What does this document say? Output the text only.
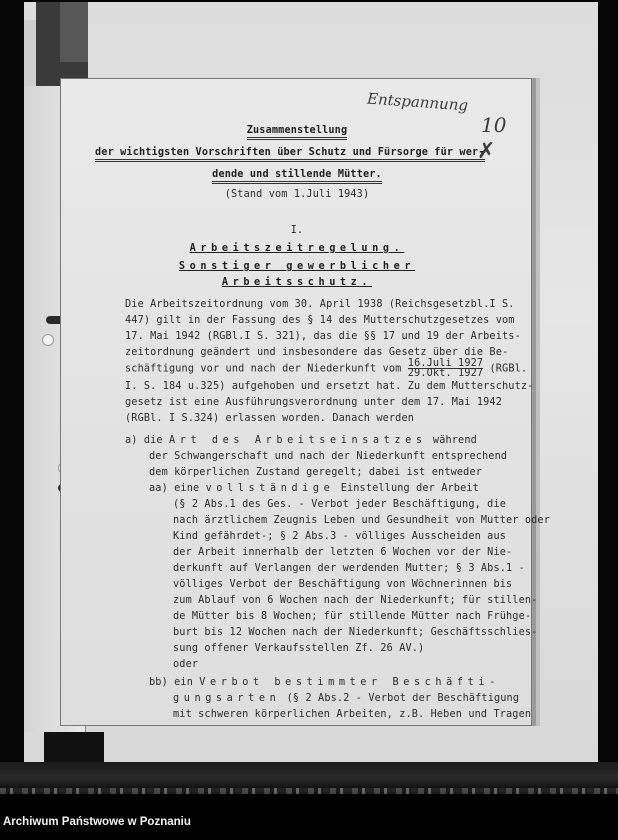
Entspannung
10
✗
Zusammenstellung
der wichtigsten Vorschriften über Schutz und Fürsorge für wer-
dende und stillende Mütter.
(Stand vom 1.Juli 1943)
I.
Arbeitszeitregelung.
Sonstiger gewerblicher
Arbeitsschutz.
Die Arbeitszeitordnung vom 30. April 1938 (Reichsgesetzbl.I S.
447) gilt in der Fassung des § 14 des Mutterschutzgesetzes vom
17. Mai 1942 (RGBl.I S. 321), das die §§ 17 und 19 der Arbeits-
zeitordnung geändert und insbesondere das Gesetz über die Be-
schäftigung vor und nach der Niederkunft vom $\frac{\text{16.Juli 1927}}{\text{29.Okt. 1927}}$ (RGBl.
I. S. 184 u.325) aufgehoben und ersetzt hat. Zu dem Mutterschutz-
gesetz ist eine Ausführungsverordnung unter dem 17. Mai 1942
(RGBl. I S.324) erlassen worden. Danach werden
a) die Art des Arbeitseinsatzes während
der Schwangerschaft und nach der Niederkunft entsprechend
dem körperlichen Zustand geregelt; dabei ist entweder
aa) eine vollständige Einstellung der Arbeit
(§ 2 Abs.1 des Ges. - Verbot jeder Beschäftigung, die
nach ärztlichem Zeugnis Leben und Gesundheit von Mutter oder
Kind gefährdet-; § 2 Abs.3 - völliges Ausscheiden aus
der Arbeit innerhalb der letzten 6 Wochen vor der Nie-
derkunft auf Verlangen der werdenden Mutter; § 3 Abs.1 -
völliges Verbot der Beschäftigung von Wöchnerinnen bis
zum Ablauf von 6 Wochen nach der Niederkunft; für stillen-
de Mütter bis 8 Wochen; für stillende Mütter nach Frühge-
burt bis 12 Wochen nach der Niederkunft; Geschäftsschlies-
sung offener Verkaufsstellen Zf. 26 AV.)
oder
bb) ein Verbot bestimmter Beschäfti-
gungsarten (§ 2 Abs.2 - Verbot der Beschäftigung
mit schweren körperlichen Arbeiten, z.B. Heben und Tragen
Archiwum Państwowe w Poznaniu
